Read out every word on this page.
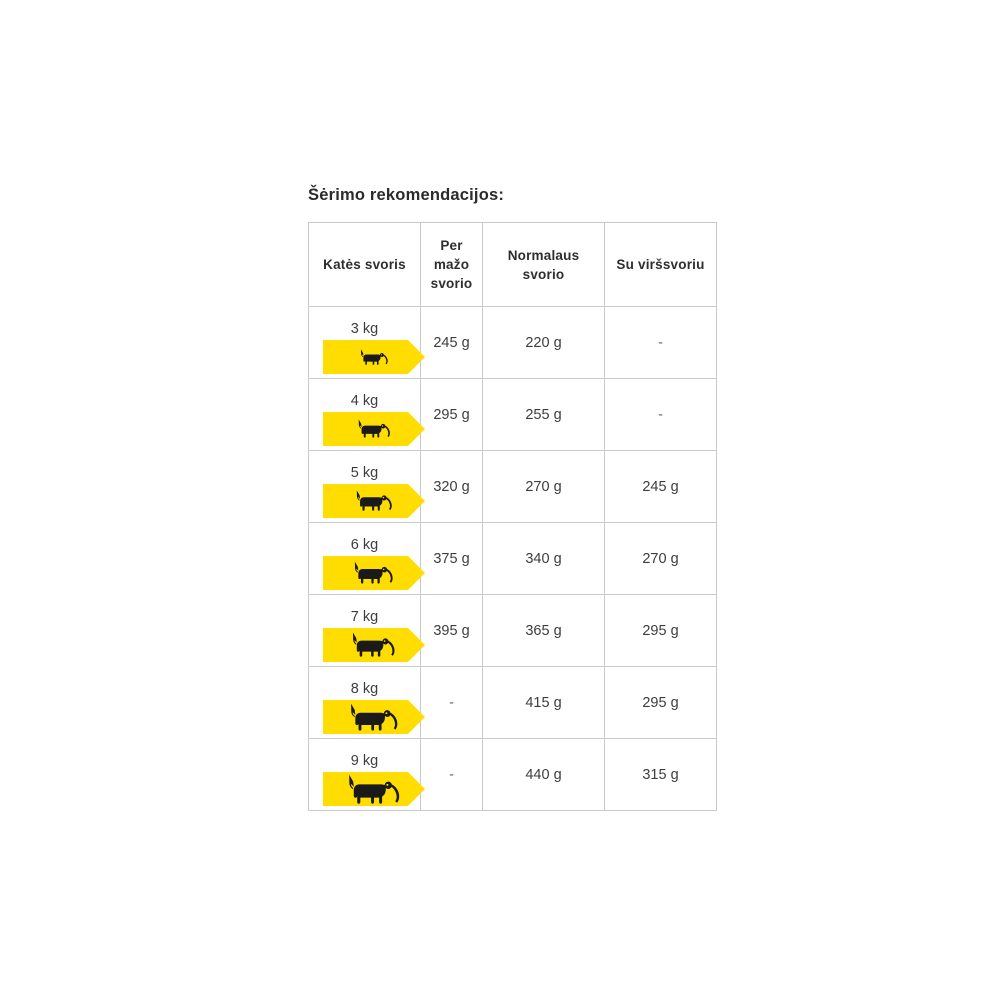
Šėrimo rekomendacijos:
Katės svoris	Per mažo svorio	Normalaus svorio	Su viršsvoriu

3 kg	245 g	220 g	-

4 kg	295 g	255 g	-

5 kg	320 g	270 g	245 g

6 kg	375 g	340 g	270 g

7 kg	395 g	365 g	295 g

8 kg	-	415 g	295 g

9 kg	-	440 g	315 g
